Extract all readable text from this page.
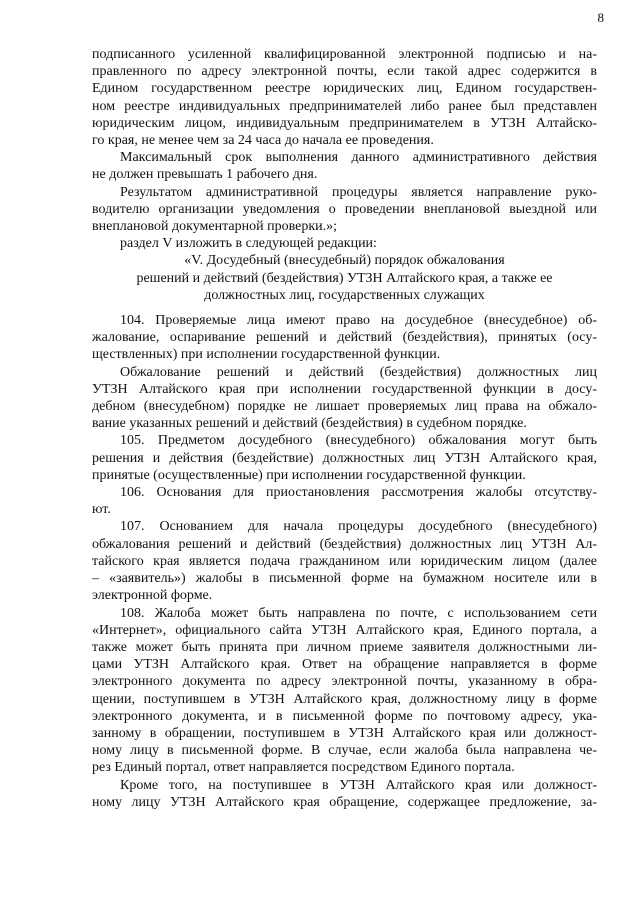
8
подписанного усиленной квалифицированной электронной подписью и на-
правленного по адресу электронной почты, если такой адрес содержится в
Едином государственном реестре юридических лиц, Едином государствен-
ном реестре индивидуальных предпринимателей либо ранее был представлен
юридическим лицом, индивидуальным предпринимателем в УТЗН Алтайско-
го края, не менее чем за 24 часа до начала ее проведения.
Максимальный срок выполнения данного административного действия
не должен превышать 1 рабочего дня.
Результатом административной процедуры является направление руко-
водителю организации уведомления о проведении внеплановой выездной или
внеплановой документарной проверки.»;
раздел V изложить в следующей редакции:
«V. Досудебный (внесудебный) порядок обжалования
решений и действий (бездействия) УТЗН Алтайского края, а также ее
должностных лиц, государственных служащих
104. Проверяемые лица имеют право на досудебное (внесудебное) об-
жалование, оспаривание решений и действий (бездействия), принятых (осу-
ществленных) при исполнении государственной функции.
Обжалование решений и действий (бездействия) должностных лиц
УТЗН Алтайского края при исполнении государственной функции в досу-
дебном (внесудебном) порядке не лишает проверяемых лиц права на обжало-
вание указанных решений и действий (бездействия) в судебном порядке.
105. Предметом досудебного (внесудебного) обжалования могут быть
решения и действия (бездействие) должностных лиц УТЗН Алтайского края,
принятые (осуществленные) при исполнении государственной функции.
106. Основания для приостановления рассмотрения жалобы отсутству-
ют.
107. Основанием для начала процедуры досудебного (внесудебного)
обжалования решений и действий (бездействия) должностных лиц УТЗН Ал-
тайского края является подача гражданином или юридическим лицом (далее
– «заявитель») жалобы в письменной форме на бумажном носителе или в
электронной форме.
108. Жалоба может быть направлена по почте, с использованием сети
«Интернет», официального сайта УТЗН Алтайского края, Единого портала, а
также может быть принята при личном приеме заявителя должностными ли-
цами УТЗН Алтайского края. Ответ на обращение направляется в форме
электронного документа по адресу электронной почты, указанному в обра-
щении, поступившем в УТЗН Алтайского края, должностному лицу в форме
электронного документа, и в письменной форме по почтовому адресу, ука-
занному в обращении, поступившем в УТЗН Алтайского края или должност-
ному лицу в письменной форме. В случае, если жалоба была направлена че-
рез Единый портал, ответ направляется посредством Единого портала.
Кроме того, на поступившее в УТЗН Алтайского края или должност-
ному лицу УТЗН Алтайского края обращение, содержащее предложение, за-
